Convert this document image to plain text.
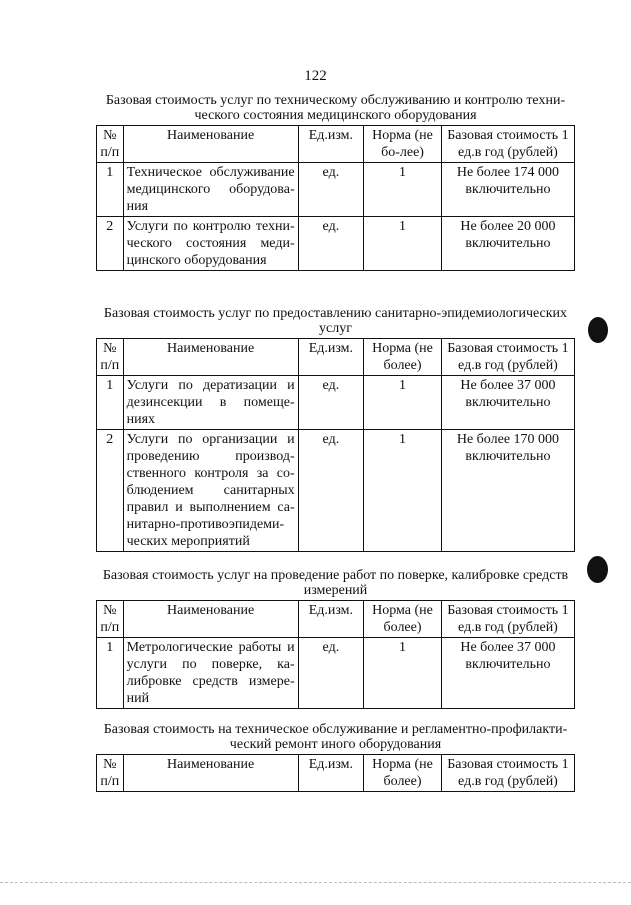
122
Базовая стоимость услуг по техническому обслуживанию и контролю техни-ческого состояния медицинского оборудования
№ п/п	Наименование	Ед.изм.	Норма (не бо-лее)	Базовая стоимость 1 ед.в год (рублей)
1	Техническое обслуживание медицинского оборудова-ния	ед.	1	Не более 174 000 включительно
2	Услуги по контролю техни-ческого состояния меди-цинского оборудования	ед.	1	Не более 20 000 включительно
Базовая стоимость услуг по предоставлению санитарно-эпидемиологических услуг
№ п/п	Наименование	Ед.изм.	Норма (не более)	Базовая стоимость 1 ед.в год (рублей)
1	Услуги по дератизации и дезинсекции в помеще-ниях	ед.	1	Не более 37 000 включительно
2	Услуги по организации и проведению производ-ственного контроля за со-блюдением санитарных правил и выполнением са-нитарно-противоэпидеми-ческих мероприятий	ед.	1	Не более 170 000 включительно
Базовая стоимость услуг на проведение работ по поверке, калибровке средств измерений
№ п/п	Наименование	Ед.изм.	Норма (не более)	Базовая стоимость 1 ед.в год (рублей)
1	Метрологические работы и услуги по поверке, ка-либровке средств измере-ний	ед.	1	Не более 37 000 включительно
Базовая стоимость на техническое обслуживание и регламентно-профилакти-ческий ремонт иного оборудования
№ п/п	Наименование	Ед.изм.	Норма (не более)	Базовая стоимость 1 ед.в год (рублей)
